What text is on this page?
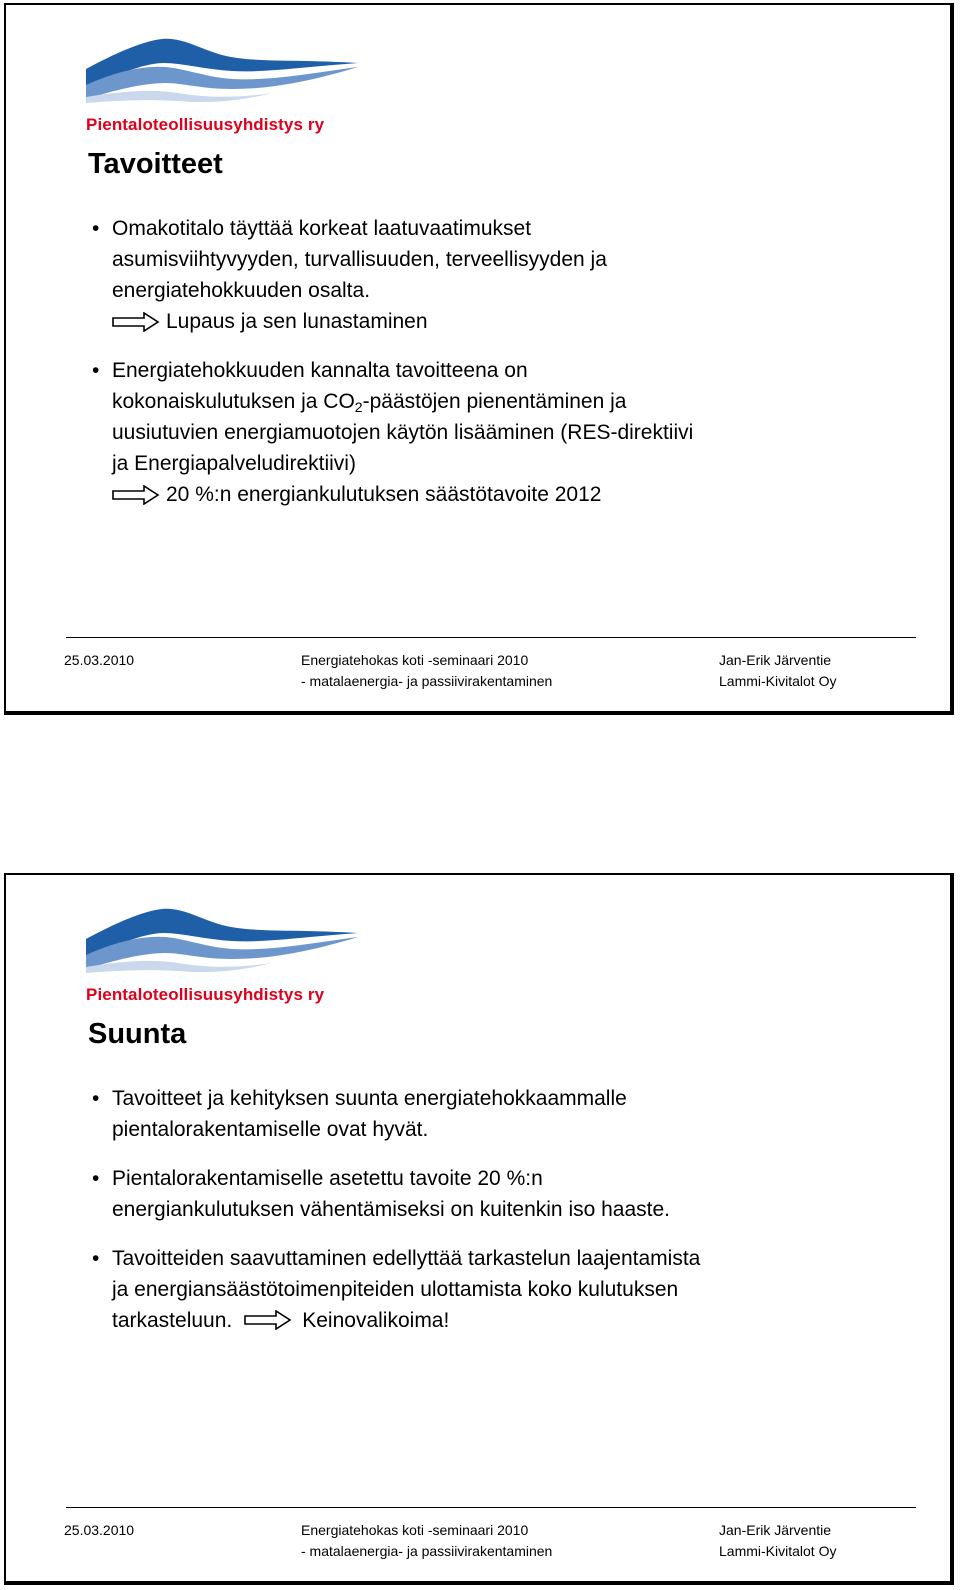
Pientaloteollisuusyhdistys ry
Tavoitteet
• Omakotitalo täyttää korkeat laatuvaatimukset
asumisviihtyvyyden, turvallisuuden, terveellisyyden ja
energiatehokkuuden osalta.
Lupaus ja sen lunastaminen
• Energiatehokkuuden kannalta tavoitteena on
kokonaiskulutuksen ja $CO_2$-päästöjen pienentäminen ja
uusiutuvien energiamuotojen käytön lisääminen (RES-direktiivi
ja Energiapalveludirektiivi)
20 %:n energiankulutuksen säästötavoite 2012
25.03.2010	Energiatehokas koti -seminaari 2010
- matalaenergia- ja passiivirakentaminen
Jan-Erik Järventie
Lammi-Kivitalot Oy
Pientaloteollisuusyhdistys ry
Suunta
• Tavoitteet ja kehityksen suunta energiatehokkaammalle
pientalorakentamiselle ovat hyvät.
• Pientalorakentamiselle asetettu tavoite 20 %:n
energiankulutuksen vähentämiseksi on kuitenkin iso haaste.
• Tavoitteiden saavuttaminen edellyttää tarkastelun laajentamista
ja energiansäästötoimenpiteiden ulottamista koko kulutuksen
tarkasteluun.	Keinovalikoima!
25.03.2010	Energiatehokas koti -seminaari 2010
- matalaenergia- ja passiivirakentaminen
Jan-Erik Järventie
Lammi-Kivitalot Oy
